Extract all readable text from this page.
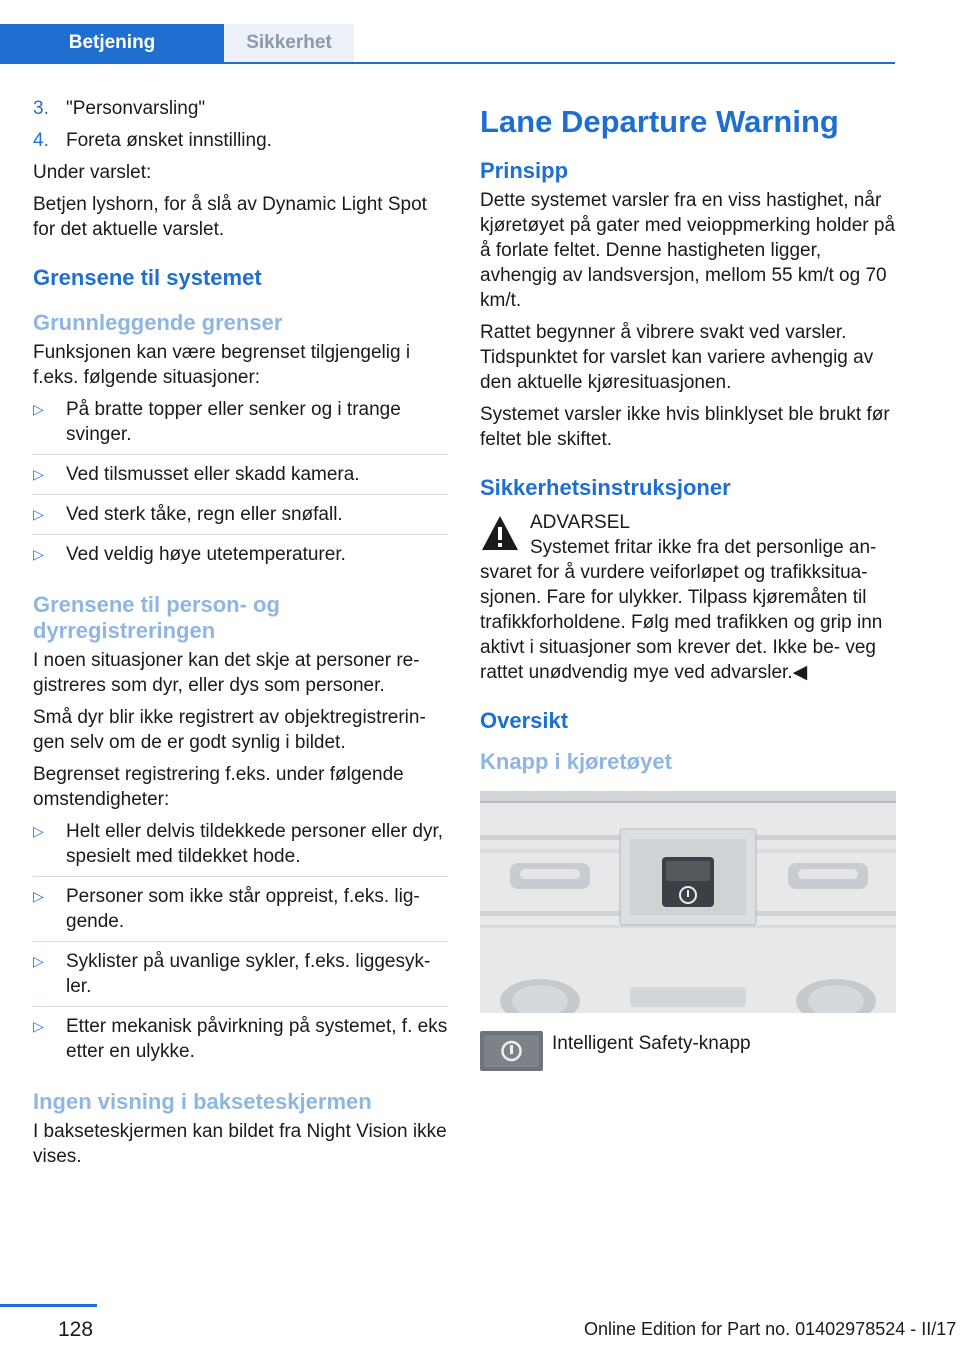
Betjening	Sikkerhet
3. "Personvarsling"
4. Foreta ønsket innstilling.

Under varslet:

Betjen lyshorn, for å slå av Dynamic Light Spot for det aktuelle varslet.

Grensene til systemet
Grunnleggende grenser

Funksjonen kan være begrenset tilgjengelig i f.eks. følgende situasjoner:

▷ På bratte topper eller senker og i trange svinger.
▷ Ved tilsmusset eller skadd kamera.
▷ Ved sterk tåke, regn eller snøfall.
▷ Ved veldig høye utetemperaturer.
Grensene til person- og dyrregistreringen

I noen situasjoner kan det skje at personer re‐ gistreres som dyr, eller dys som personer.

Små dyr blir ikke registrert av objektregistrerin‐ gen selv om de er godt synlig i bildet.

Begrenset registrering f.eks. under følgende omstendigheter:

▷ Helt eller delvis tildekkede personer eller dyr, spesielt med tildekket hode.
▷ Personer som ikke står oppreist, f.eks. lig‐ gende.
▷ Syklister på uvanlige sykler, f.eks. liggesyk‐ ler.
▷ Etter mekanisk påvirkning på systemet, f. eks etter en ulykke.
Ingen visning i bakseteskjermen

I bakseteskjermen kan bildet fra Night Vision ikke vises.

Lane Departure Warning
Prinsipp

Dette systemet varsler fra en viss hastighet, når kjøretøyet på gater med veioppmerking holder på å forlate feltet. Denne hastigheten ligger, avhengig av landsversjon, mellom 55 km/t og 70 km/t.

Rattet begynner å vibrere svakt ved varsler. Tidspunktet for varslet kan variere avhengig av den aktuelle kjøresituasjonen.

Systemet varsler ikke hvis blinklyset ble brukt før feltet ble skiftet.

Sikkerhetsinstruksjoner
ADVARSEL
Systemet fritar ikke fra det personlige an‐
svaret for å vurdere veiforløpet og trafikksitua‐ sjonen. Fare for ulykker. Tilpass kjøremåten til trafikkforholdene. Følg med trafikken og grip inn aktivt i situasjoner som krever det. Ikke be‐ veg rattet unødvendig mye ved advarsler.◀
Oversikt
Knapp i kjøretøyet
Intelligent Safety-knapp
128	Online Edition for Part no. 01402978524 - II/17
